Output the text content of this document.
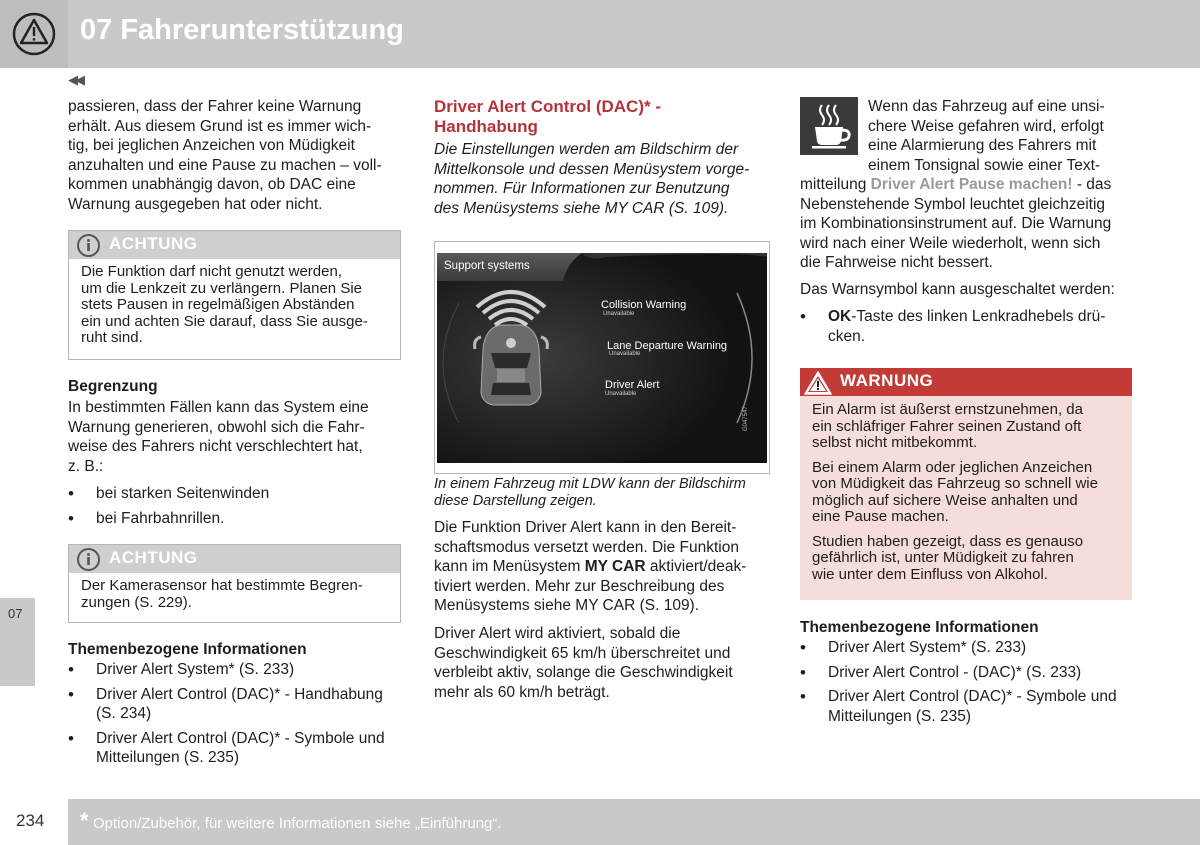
07 Fahrerunterstützung
◀◀
07
234 * Option/Zubehör, für weitere Informationen siehe „Einführung“.
passieren, dass der Fahrer keine Warnung
erhält. Aus diesem Grund ist es immer wich-
tig, bei jeglichen Anzeichen von Müdigkeit
anzuhalten und eine Pause zu machen – voll-
kommen unabhängig davon, ob DAC eine
Warnung ausgegeben hat oder nicht.
ACHTUNG
Die Funktion darf nicht genutzt werden,
um die Lenkzeit zu verlängern. Planen Sie
stets Pausen in regelmäßigen Abständen
ein und achten Sie darauf, dass Sie ausge-
ruht sind.
Begrenzung
In bestimmten Fällen kann das System eine
Warnung generieren, obwohl sich die Fahr-
weise des Fahrers nicht verschlechtert hat,
z. B.:
• bei starken Seitenwinden
• bei Fahrbahnrillen.
ACHTUNG
Der Kamerasensor hat bestimmte Begren-
zungen (S. 229).
Themenbezogene Informationen
• Driver Alert System* (S. 233)
• Driver Alert Control (DAC)* - Handhabung
(S. 234)
• Driver Alert Control (DAC)* - Symbole und
Mitteilungen (S. 235)
Driver Alert Control (DAC)* -
Handhabung
Die Einstellungen werden am Bildschirm der
Mittelkonsole und dessen Menüsystem vorge-
nommen. Für Informationen zur Benutzung
des Menüsystems siehe MY CAR (S. 109).
Support systems
Collision Warning
Unavailable
Lane Departure Warning
Unavailable
Driver Alert
Unavailable
G047547
In einem Fahrzeug mit LDW kann der Bildschirm
diese Darstellung zeigen.
Die Funktion Driver Alert kann in den Bereit-
schaftsmodus versetzt werden. Die Funktion
kann im Menüsystem MY CAR aktiviert/deak-
tiviert werden. Mehr zur Beschreibung des
Menüsystems siehe MY CAR (S. 109).
Driver Alert wird aktiviert, sobald die
Geschwindigkeit 65 km/h überschreitet und
verbleibt aktiv, solange die Geschwindigkeit
mehr als 60 km/h beträgt.
Wenn das Fahrzeug auf eine unsi-
chere Weise gefahren wird, erfolgt
eine Alarmierung des Fahrers mit
einem Tonsignal sowie einer Text-
mitteilung Driver Alert Pause machen! - das
Nebenstehende Symbol leuchtet gleichzeitig
im Kombinationsinstrument auf. Die Warnung
wird nach einer Weile wiederholt, wenn sich
die Fahrweise nicht bessert.
Das Warnsymbol kann ausgeschaltet werden:
• OK-Taste des linken Lenkradhebels drü-
cken.
WARNUNG

Ein Alarm ist äußerst ernstzunehmen, da
ein schläfriger Fahrer seinen Zustand oft
selbst nicht mitbekommt.

Bei einem Alarm oder jeglichen Anzeichen
von Müdigkeit das Fahrzeug so schnell wie
möglich auf sichere Weise anhalten und
eine Pause machen.

Studien haben gezeigt, dass es genauso
gefährlich ist, unter Müdigkeit zu fahren
wie unter dem Einfluss von Alkohol.

Themenbezogene Informationen
• Driver Alert System* (S. 233)
• Driver Alert Control - (DAC)* (S. 233)
• Driver Alert Control (DAC)* - Symbole und
Mitteilungen (S. 235)
